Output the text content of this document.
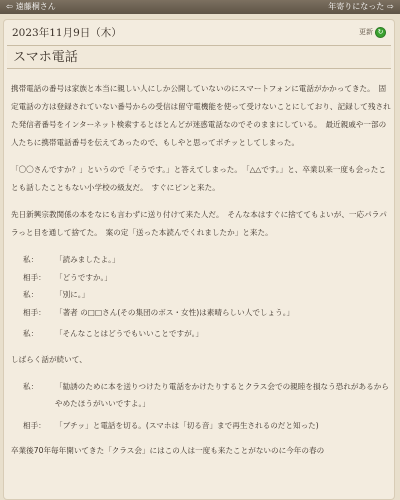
⇦ 遠藤桐さん	年寄りになった ⇨
2023年11月9日（木）	更新 ↻
スマホ電話

携帯電話の番号は家族と本当に親しい人にしか公開していないのにスマートフォンに電話がかかってきた。　固定電話の方は登録されていない番号からの受信は留守電機能を使って受けないことにしており、記録して残された発信者番号をインターネット検索するとほとんどが迷惑電話なのでそのままにしている。　最近親戚や一部の人たちに携帯電話番号を伝えてあったので、もしやと思ってポチッとしてしまった。

「〇〇さんですか？」というので「そうです。」と答えてしまった。　「△△です。」と、卒業以来一度も会ったことも話したこともない小学校の級友だ。　すぐにピンと来た。

先日新興宗教関係の本をなにも言わずに送り付けて来た人だ。　そんな本はすぐに捨ててもよいが、一応パラパラっと目を通して捨てた。　案の定「送った本読んでくれましたか」と来た。

私：	「読みましたよ。」
相手：	「どうですか。」
私：	「別に。」
相手：	「著者 の□□さん(その集団のボス・女性)は素晴らしい人でしょう。」
私：	「そんなことはどうでもいいことですが。」

しばらく話が続いて、

私：	「勧誘のために本を送りつけたり電話をかけたりするとクラス会での親睦を損なう恐れがあるからやめたほうがいいですよ。」
相手：	「ブチッ」と電話を切る。(スマホは「切る音」まで再生されるのだと知った)

卒業後70年毎年開いてきた「クラス会」にはこの人は一度も来たことがないのに今年の春の
